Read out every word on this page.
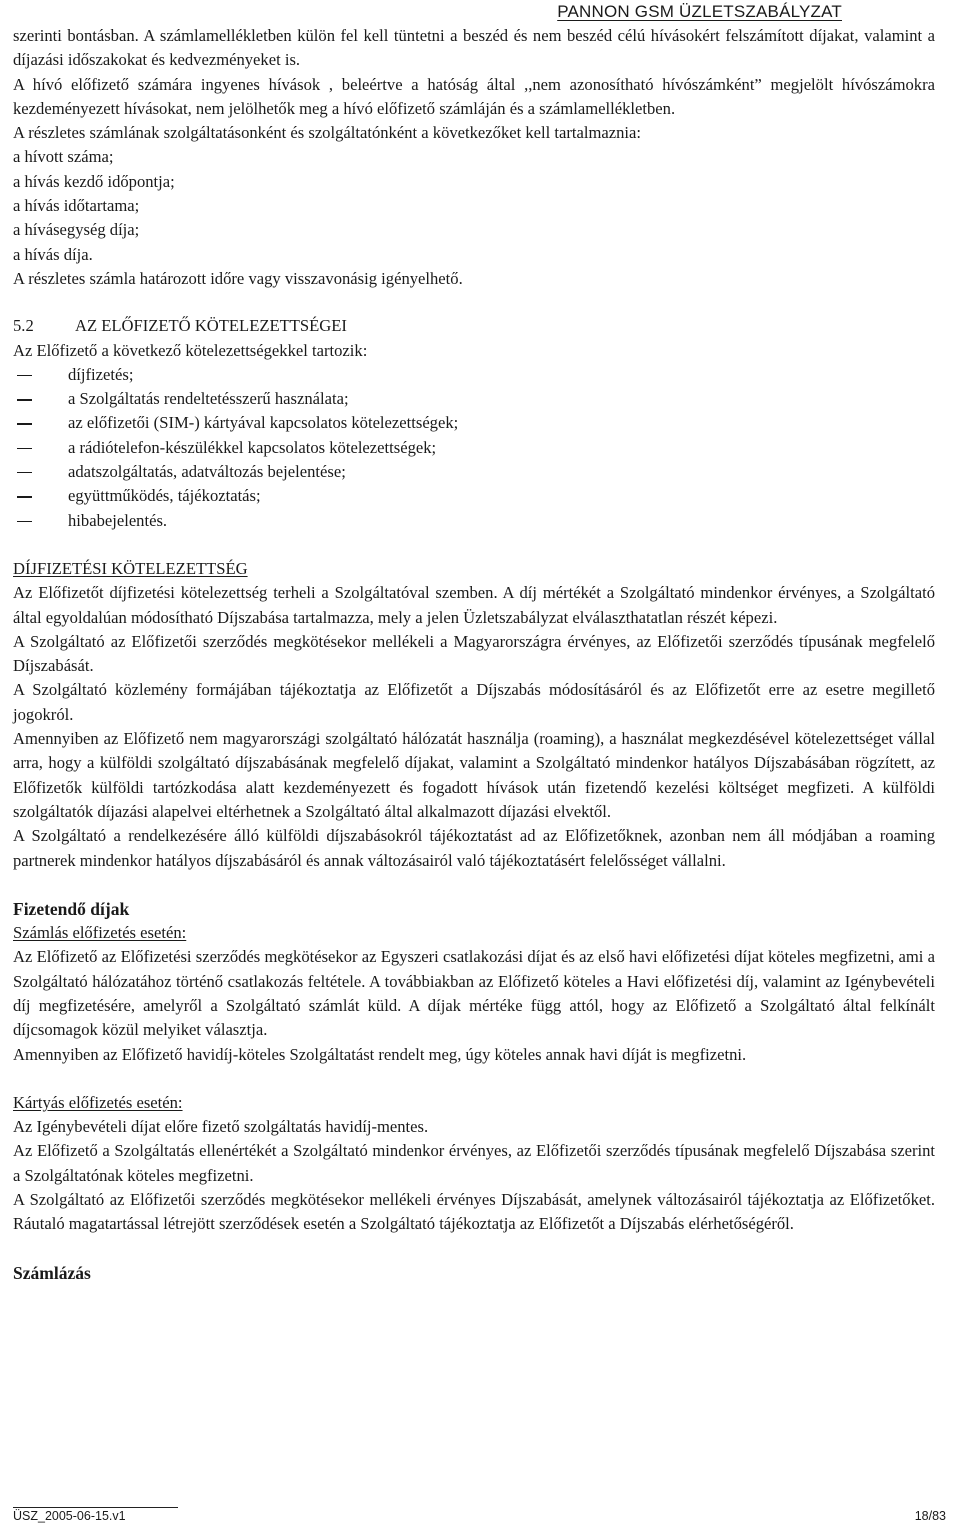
PANNON GSM ÜZLETSZABÁLYZAT

szerinti bontásban. A számlamellékletben külön fel kell tüntetni a beszéd és nem beszéd célú hívásokért felszámított díjakat, valamint a díjazási időszakokat és kedvezményeket is.

A hívó előfizető számára ingyenes hívások , beleértve a hatóság által ,,nem azonosítható hívószámként” megjelölt hívószámokra kezdeményezett hívásokat, nem jelölhetők meg a hívó előfizető számláján és a számlamellékletben.

A részletes számlának szolgáltatásonként és szolgáltatónként a következőket kell tartalmaznia:

a hívott száma;
a hívás kezdő időpontja;
a hívás időtartama;
a hívásegység díja;
a hívás díja.

A részletes számla határozott időre vagy visszavonásig igényelhető.

5.2 AZ ELŐFIZETŐ KÖTELEZETTSÉGEI
Az Előfizető a következő kötelezettségekkel tartozik:
díjfizetés;
a Szolgáltatás rendeltetésszerű használata;
az előfizetői (SIM-) kártyával kapcsolatos kötelezettségek;
a rádiótelefon-készülékkel kapcsolatos kötelezettségek;
adatszolgáltatás, adatváltozás bejelentése;
együttműködés, tájékoztatás;
hibabejelentés.
DÍJFIZETÉSI KÖTELEZETTSÉG

Az Előfizetőt díjfizetési kötelezettség terheli a Szolgáltatóval szemben. A díj mértékét a Szolgáltató mindenkor érvényes, a Szolgáltató által egyoldalúan módosítható Díjszabása tartalmazza, mely a jelen Üzletszabályzat elválaszthatatlan részét képezi.

A Szolgáltató az Előfizetői szerződés megkötésekor mellékeli a Magyarországra érvényes, az Előfizetői szerződés típusának megfelelő Díjszabását.

A Szolgáltató közlemény formájában tájékoztatja az Előfizetőt a Díjszabás módosításáról és az Előfizetőt erre az esetre megillető jogokról.

Amennyiben az Előfizető nem magyarországi szolgáltató hálózatát használja (roaming), a használat megkezdésével kötelezettséget vállal arra, hogy a külföldi szolgáltató díjszabásának megfelelő díjakat, valamint a Szolgáltató mindenkor hatályos Díjszabásában rögzített, az Előfizetők külföldi tartózkodása alatt kezdeményezett és fogadott hívások után fizetendő kezelési költséget megfizeti. A külföldi szolgáltatók díjazási alapelvei eltérhetnek a Szolgáltató által alkalmazott díjazási elvektől.

A Szolgáltató a rendelkezésére álló külföldi díjszabásokról tájékoztatást ad az Előfizetőknek, azonban nem áll módjában a roaming partnerek mindenkor hatályos díjszabásáról és annak változásairól való tájékoztatásért felelősséget vállalni.

Fizetendő díjak
Számlás előfizetés esetén:

Az Előfizető az Előfizetési szerződés megkötésekor az Egyszeri csatlakozási díjat és az első havi előfizetési díjat köteles megfizetni, ami a Szolgáltató hálózatához történő csatlakozás feltétele. A továbbiakban az Előfizető köteles a Havi előfizetési díj, valamint az Igénybevételi díj megfizetésére, amelyről a Szolgáltató számlát küld. A díjak mértéke függ attól, hogy az Előfizető a Szolgáltató által felkínált díjcsomagok közül melyiket választja.

Amennyiben az Előfizető havidíj-köteles Szolgáltatást rendelt meg, úgy köteles annak havi díját is megfizetni.

Kártyás előfizetés esetén:

Az Igénybevételi díjat előre fizető szolgáltatás havidíj-mentes.

Az Előfizető a Szolgáltatás ellenértékét a Szolgáltató mindenkor érvényes, az Előfizetői szerződés típusának megfelelő Díjszabása szerint a Szolgáltatónak köteles megfizetni.

A Szolgáltató az Előfizetői szerződés megkötésekor mellékeli érvényes Díjszabását, amelynek változásairól tájékoztatja az Előfizetőket. Ráutaló magatartással létrejött szerződések esetén a Szolgáltató tájékoztatja az Előfizetőt a Díjszabás elérhetőségéről.

Számlázás
ÜSZ_2005-06-15.v1	18/83
